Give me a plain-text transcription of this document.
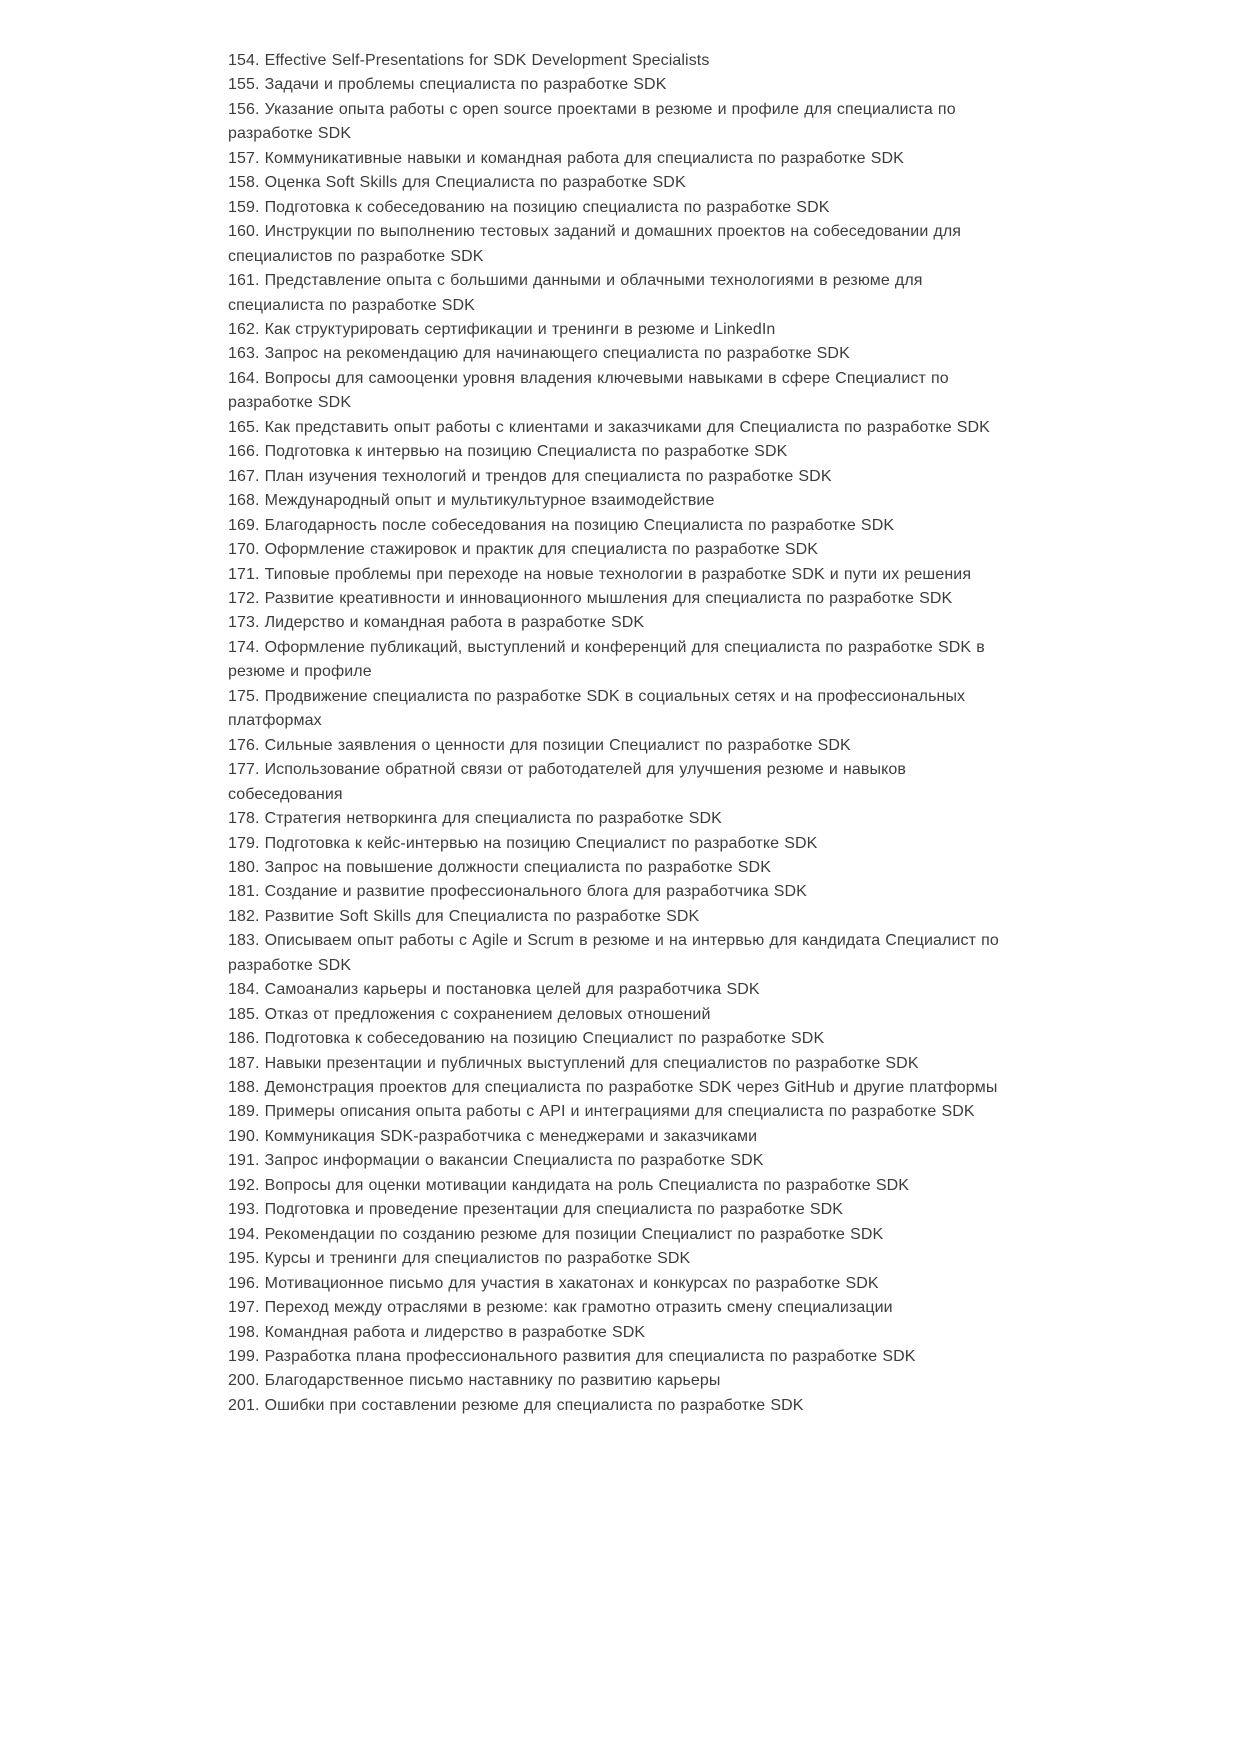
154. Effective Self-Presentations for SDK Development Specialists

155. Задачи и проблемы специалиста по разработке SDK

156. Указание опыта работы с open source проектами в резюме и профиле для специалиста по разработке SDK

157. Коммуникативные навыки и командная работа для специалиста по разработке SDK

158. Оценка Soft Skills для Специалиста по разработке SDK

159. Подготовка к собеседованию на позицию специалиста по разработке SDK

160. Инструкции по выполнению тестовых заданий и домашних проектов на собеседовании для специалистов по разработке SDK

161. Представление опыта с большими данными и облачными технологиями в резюме для специалиста по разработке SDK

162. Как структурировать сертификации и тренинги в резюме и LinkedIn

163. Запрос на рекомендацию для начинающего специалиста по разработке SDK

164. Вопросы для самооценки уровня владения ключевыми навыками в сфере Специалист по разработке SDK

165. Как представить опыт работы с клиентами и заказчиками для Специалиста по разработке SDK

166. Подготовка к интервью на позицию Специалиста по разработке SDK

167. План изучения технологий и трендов для специалиста по разработке SDK

168. Международный опыт и мультикультурное взаимодействие

169. Благодарность после собеседования на позицию Специалиста по разработке SDK

170. Оформление стажировок и практик для специалиста по разработке SDK

171. Типовые проблемы при переходе на новые технологии в разработке SDK и пути их решения

172. Развитие креативности и инновационного мышления для специалиста по разработке SDK

173. Лидерство и командная работа в разработке SDK

174. Оформление публикаций, выступлений и конференций для специалиста по разработке SDK в резюме и профиле

175. Продвижение специалиста по разработке SDK в социальных сетях и на профессиональных платформах

176. Сильные заявления о ценности для позиции Специалист по разработке SDK

177. Использование обратной связи от работодателей для улучшения резюме и навыков собеседования

178. Стратегия нетворкинга для специалиста по разработке SDK

179. Подготовка к кейс-интервью на позицию Специалист по разработке SDK

180. Запрос на повышение должности специалиста по разработке SDK

181. Создание и развитие профессионального блога для разработчика SDK

182. Развитие Soft Skills для Специалиста по разработке SDK

183. Описываем опыт работы с Agile и Scrum в резюме и на интервью для кандидата Специалист по разработке SDK

184. Самоанализ карьеры и постановка целей для разработчика SDK

185. Отказ от предложения с сохранением деловых отношений

186. Подготовка к собеседованию на позицию Специалист по разработке SDK

187. Навыки презентации и публичных выступлений для специалистов по разработке SDK

188. Демонстрация проектов для специалиста по разработке SDK через GitHub и другие платформы

189. Примеры описания опыта работы с API и интеграциями для специалиста по разработке SDK

190. Коммуникация SDK-разработчика с менеджерами и заказчиками

191. Запрос информации о вакансии Специалиста по разработке SDK

192. Вопросы для оценки мотивации кандидата на роль Специалиста по разработке SDK

193. Подготовка и проведение презентации для специалиста по разработке SDK

194. Рекомендации по созданию резюме для позиции Специалист по разработке SDK

195. Курсы и тренинги для специалистов по разработке SDK

196. Мотивационное письмо для участия в хакатонах и конкурсах по разработке SDK

197. Переход между отраслями в резюме: как грамотно отразить смену специализации

198. Командная работа и лидерство в разработке SDK

199. Разработка плана профессионального развития для специалиста по разработке SDK

200. Благодарственное письмо наставнику по развитию карьеры

201. Ошибки при составлении резюме для специалиста по разработке SDK
